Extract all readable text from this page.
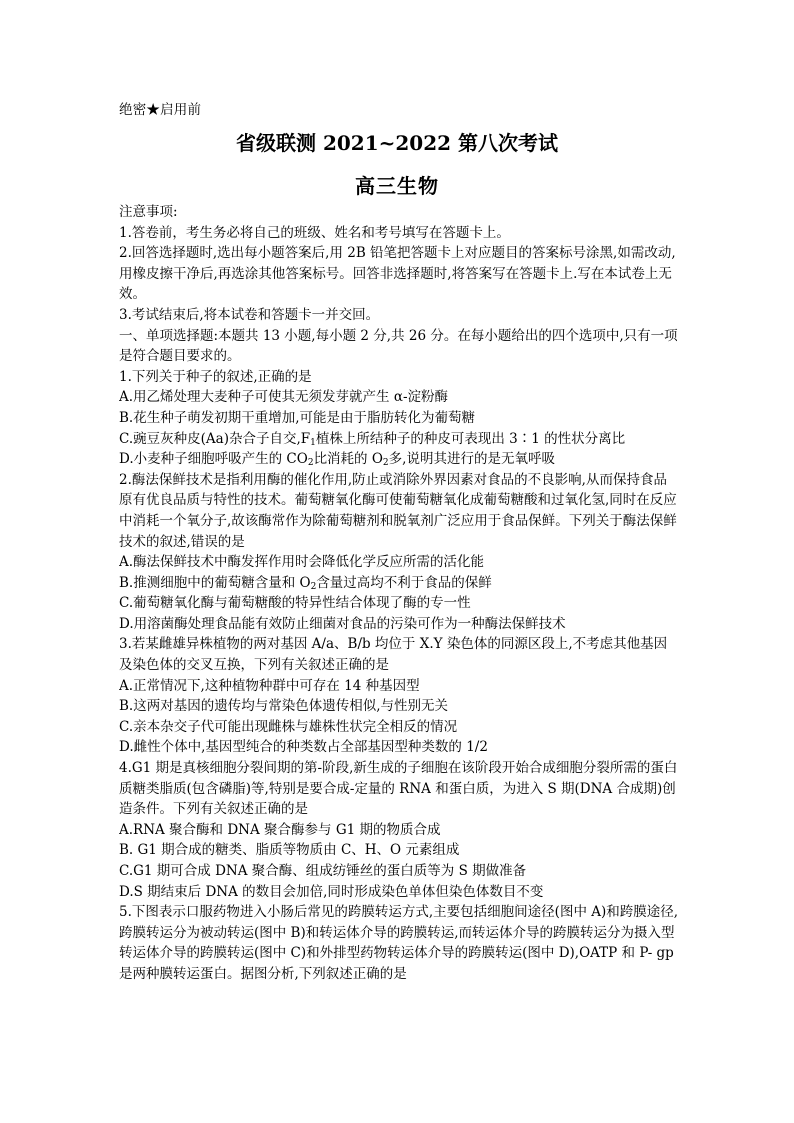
绝密★启用前
省级联测 2021~2022 第八次考试
高三生物

注意事项:

1.答卷前，考生务必将自己的班级、姓名和考号填写在答题卡上。

2.回答选择题时,选出每小题答案后,用 2B 铅笔把答题卡上对应题目的答案标号涂黑,如需改动,用橡皮擦干净后,再选涂其他答案标号。回答非选择题时,将答案写在答题卡上.写在本试卷上无效。

3.考试结束后,将本试卷和答题卡一并交回。

一、单项选择题:本题共 13 小题,每小题 2 分,共 26 分。在每小题给出的四个选项中,只有一项是符合题目要求的。

1.下列关于种子的叙述,正确的是

A.用乙烯处理大麦种子可使其无须发芽就产生 α-淀粉酶

B.花生种子萌发初期干重增加,可能是由于脂肪转化为葡萄糖

C.豌豆灰种皮(Aa)杂合子自交$,F_1$植株上所结种子的种皮可表现出 3∶1 的性状分离比

D.小麦种子细胞呼吸产生的 $CO_2$比消耗的 $O_2$多,说明其进行的是无氧呼吸

2.酶法保鲜技术是指利用酶的催化作用,防止或消除外界因素对食品的不良影响,从而保持食品原有优良品质与特性的技术。葡萄糖氧化酶可使葡萄糖氧化成葡萄糖酸和过氧化氢,同时在反应中消耗一个氧分子,故该酶常作为除葡萄糖剂和脱氧剂广泛应用于食品保鲜。下列关于酶法保鲜技术的叙述,错误的是

A.酶法保鲜技术中酶发挥作用时会降低化学反应所需的活化能

B.推测细胞中的葡萄糖含量和 $O_2$含量过高均不利于食品的保鲜

C.葡萄糖氧化酶与葡萄糖酸的特异性结合体现了酶的专一性

D.用溶菌酶处理食品能有效防止细菌对食品的污染可作为一种酶法保鲜技术

3.若某雌雄异株植物的两对基因 A/a、B/b 均位于 X.Y 染色体的同源区段上,不考虑其他基因及染色体的交叉互换，下列有关叙述正确的是

A.正常情况下,这种植物种群中可存在 14 种基因型

B.这两对基因的遗传均与常染色体遗传相似,与性别无关

C.亲本杂交子代可能出现雌株与雄株性状完全相反的情况

D.雌性个体中,基因型纯合的种类数占全部基因型种类数的 1/2

4.G1 期是真核细胞分裂间期的第-阶段,新生成的子细胞在该阶段开始合成细胞分裂所需的蛋白质糖类脂质(包含磷脂)等,特别是要合成-定量的 RNA 和蛋白质，为进入 S 期(DNA 合成期)创造条件。下列有关叙述正确的是

A.RNA 聚合酶和 DNA 聚合酶参与 G1 期的物质合成

B. G1 期合成的糖类、脂质等物质由 C、H、O 元素组成

C.G1 期可合成 DNA 聚合酶、组成纺锤丝的蛋白质等为 S 期做准备

D.S 期结束后 DNA 的数目会加倍,同时形成染色单体但染色体数目不变

5.下图表示口服药物进入小肠后常见的跨膜转运方式,主要包括细胞间途径(图中 A)和跨膜途径,跨膜转运分为被动转运(图中 B)和转运体介导的跨膜转运,而转运体介导的跨膜转运分为摄入型转运体介导的跨膜转运(图中 C)和外排型药物转运体介导的跨膜转运(图中 D),OATP 和 P- gp 是两种膜转运蛋白。据图分析,下列叙述正确的是
